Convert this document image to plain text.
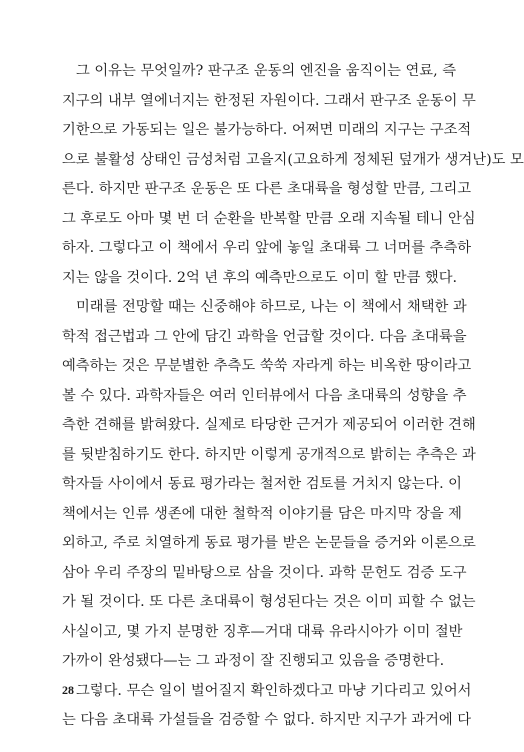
그 이유는 무엇일까? 판구조 운동의 엔진을 움직이는 연료, 즉
지구의 내부 열에너지는 한정된 자원이다. 그래서 판구조 운동이 무
기한으로 가동되는 일은 불가능하다. 어쩌면 미래의 지구는 구조적
으로 불활성 상태인 금성처럼 고을지(고요하게 정체된 덮개가 생겨난)도 모
른다. 하지만 판구조 운동은 또 다른 초대륙을 형성할 만큼, 그리고
그 후로도 아마 몇 번 더 순환을 반복할 만큼 오래 지속될 테니 안심
하자. 그렇다고 이 책에서 우리 앞에 놓일 초대륙 그 너머를 추측하
지는 않을 것이다. 2억 년 후의 예측만으로도 이미 할 만큼 했다.
미래를 전망할 때는 신중해야 하므로, 나는 이 책에서 채택한 과
학적 접근법과 그 안에 담긴 과학을 언급할 것이다. 다음 초대륙을
예측하는 것은 무분별한 추측도 쑥쑥 자라게 하는 비옥한 땅이라고
볼 수 있다. 과학자들은 여러 인터뷰에서 다음 초대륙의 성향을 추
측한 견해를 밝혀왔다. 실제로 타당한 근거가 제공되어 이러한 견해
를 뒷받침하기도 한다. 하지만 이렇게 공개적으로 밝히는 추측은 과
학자들 사이에서 동료 평가라는 철저한 검토를 거치지 않는다. 이
책에서는 인류 생존에 대한 철학적 이야기를 담은 마지막 장을 제
외하고, 주로 치열하게 동료 평가를 받은 논문들을 증거와 이론으로
삼아 우리 주장의 밑바탕으로 삼을 것이다. 과학 문헌도 검증 도구
가 될 것이다. 또 다른 초대륙이 형성된다는 것은 이미 피할 수 없는
사실이고, 몇 가지 분명한 징후—거대 대륙 유라시아가 이미 절반
가까이 완성됐다—는 그 과정이 잘 진행되고 있음을 증명한다.
그렇다. 무슨 일이 벌어질지 확인하겠다고 마냥 기다리고 있어서
는 다음 초대륙 가설들을 검증할 수 없다. 하지만 지구가 과거에 다
28
